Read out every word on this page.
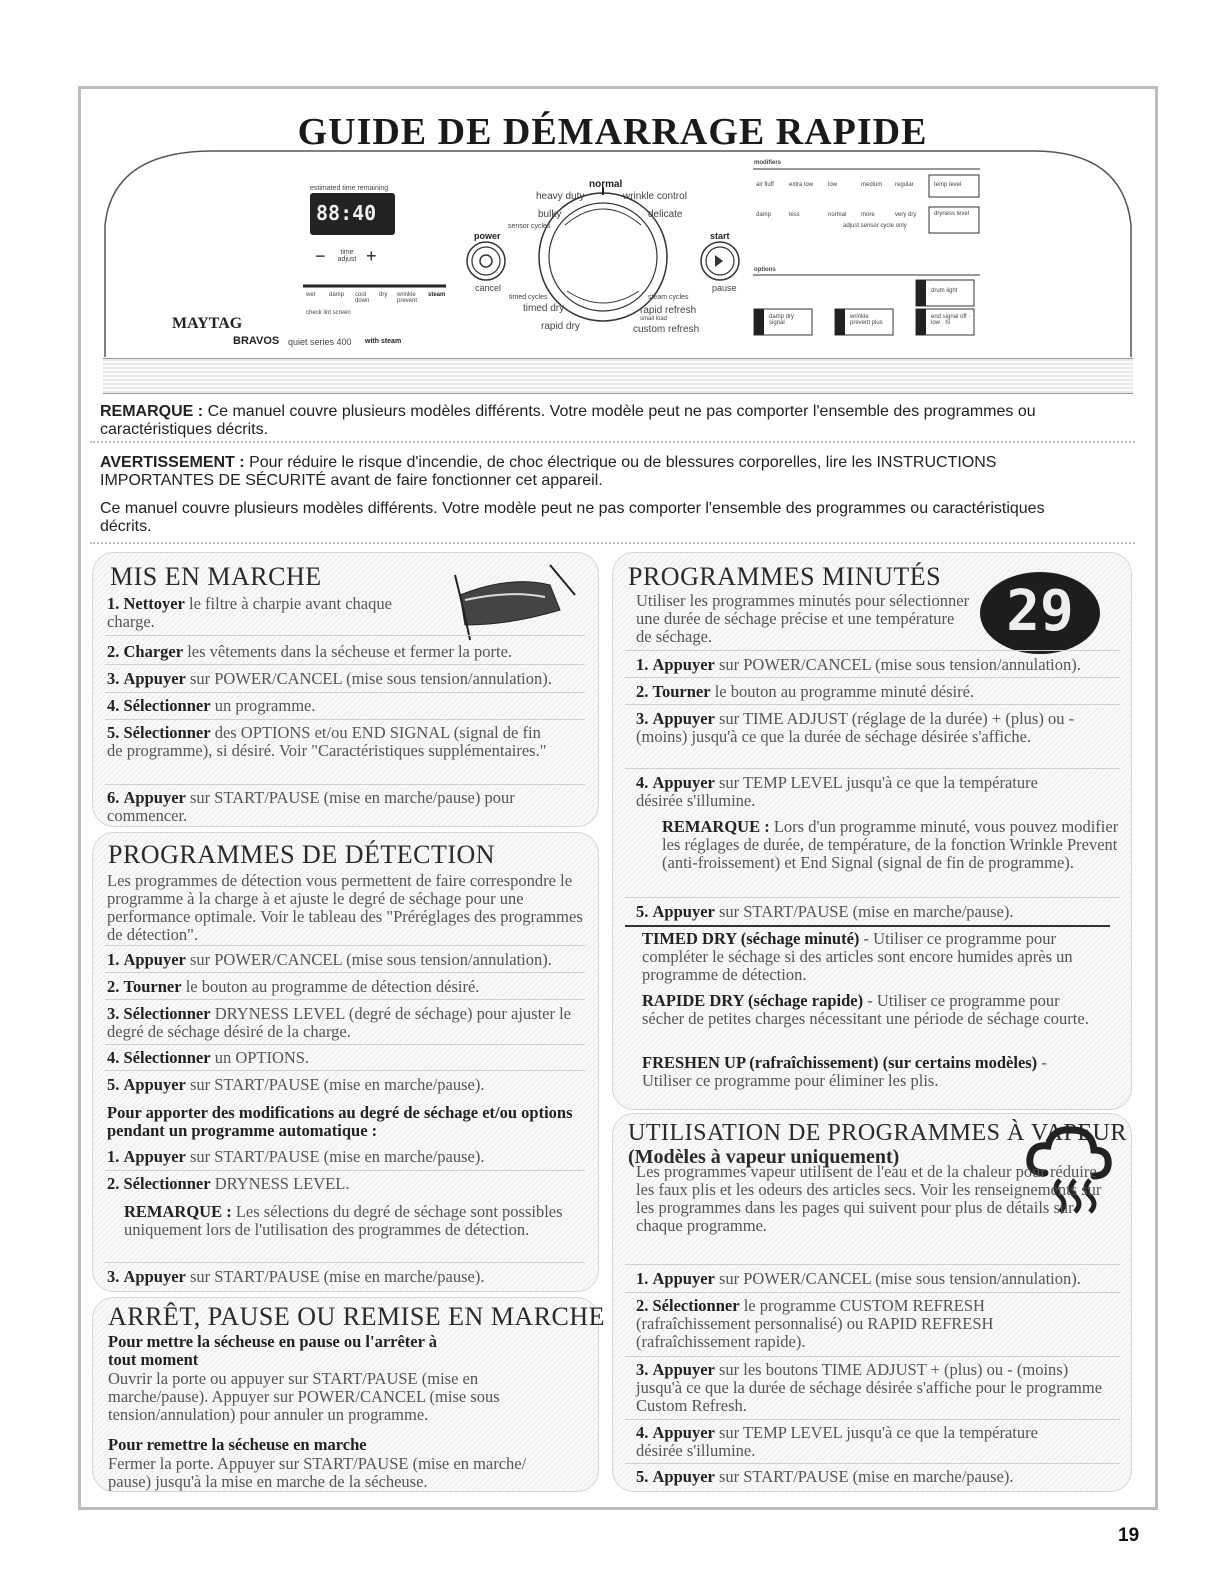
GUIDE DE DÉMARRAGE RAPIDE
estimated time remaining
88:40
−	time adjust +
wet damp cool down
dry wrinkle prevent
steam
check lint screen
MAYTAG
BRAVOS quiet series 400 with steam
power
cancel
start
pause
normal
heavy duty
bulky
sensor cycles
wrinkle control
delicate
timed cycles
timed dry
rapid dry
steam cycles
rapid refresh
small load
custom refresh
modifiers
air fluff	extra low low	medium regular	temp level
damp	less	normal more	very dry	dryness level
adjust sensor cycle only
options
drum light
damp dry signal
wrinkle prevent plus
end signal off · low · hi

REMARQUE : Ce manuel couvre plusieurs modèles différents. Votre modèle peut ne pas comporter l'ensemble des programmes ou caractéristiques décrits.

AVERTISSEMENT : Pour réduire le risque d'incendie, de choc électrique ou de blessures corporelles, lire les INSTRUCTIONS IMPORTANTES DE SÉCURITÉ avant de faire fonctionner cet appareil.

Ce manuel couvre plusieurs modèles différents. Votre modèle peut ne pas comporter l'ensemble des programmes ou caractéristiques décrits.

MIS EN MARCHE
1. Nettoyer le filtre à charpie avant chaque charge.
2. Charger les vêtements dans la sécheuse et fermer la porte.
3. Appuyer sur POWER/CANCEL (mise sous tension/annulation).
4. Sélectionner un programme.
5. Sélectionner des OPTIONS et/ou END SIGNAL (signal de fin de programme), si désiré. Voir "Caractéristiques supplémentaires."
6. Appuyer sur START/PAUSE (mise en marche/pause) pour commencer.
PROGRAMMES DE DÉTECTION
Les programmes de détection vous permettent de faire correspondre le programme à la charge à et ajuste le degré de séchage pour une performance optimale. Voir le tableau des "Préréglages des programmes de détection".
1. Appuyer sur POWER/CANCEL (mise sous tension/annulation).
2. Tourner le bouton au programme de détection désiré.
3. Sélectionner DRYNESS LEVEL (degré de séchage) pour ajuster le degré de séchage désiré de la charge.
4. Sélectionner un OPTIONS.
5. Appuyer sur START/PAUSE (mise en marche/pause).
Pour apporter des modifications au degré de séchage et/ou options pendant un programme automatique :
1. Appuyer sur START/PAUSE (mise en marche/pause).
2. Sélectionner DRYNESS LEVEL.
REMARQUE : Les sélections du degré de séchage sont possibles uniquement lors de l'utilisation des programmes de détection.
3. Appuyer sur START/PAUSE (mise en marche/pause).
ARRÊT, PAUSE OU REMISE EN MARCHE
Pour mettre la sécheuse en pause ou l'arrêter à tout moment
Ouvrir la porte ou appuyer sur START/PAUSE (mise en marche/pause). Appuyer sur POWER/CANCEL (mise sous tension/annulation) pour annuler un programme.
Pour remettre la sécheuse en marche
Fermer la porte. Appuyer sur START/PAUSE (mise en marche/ pause) jusqu'à la mise en marche de la sécheuse.
PROGRAMMES MINUTÉS
29
Utiliser les programmes minutés pour sélectionner une durée de séchage précise et une température de séchage.
1. Appuyer sur POWER/CANCEL (mise sous tension/annulation).
2. Tourner le bouton au programme minuté désiré.
3. Appuyer sur TIME ADJUST (réglage de la durée) + (plus) ou - (moins) jusqu'à ce que la durée de séchage désirée s'affiche.
4. Appuyer sur TEMP LEVEL jusqu'à ce que la température désirée s'illumine.
REMARQUE : Lors d'un programme minuté, vous pouvez modifier les réglages de durée, de température, de la fonction Wrinkle Prevent (anti-froissement) et End Signal (signal de fin de programme).
5. Appuyer sur START/PAUSE (mise en marche/pause).
TIMED DRY (séchage minuté) - Utiliser ce programme pour compléter le séchage si des articles sont encore humides après un programme de détection.
RAPIDE DRY (séchage rapide) - Utiliser ce programme pour sécher de petites charges nécessitant une période de séchage courte.
FRESHEN UP (rafraîchissement) (sur certains modèles) - Utiliser ce programme pour éliminer les plis.
UTILISATION DE PROGRAMMES À VAPEUR
(Modèles à vapeur uniquement)
Les programmes vapeur utilisent de l'eau et de la chaleur pour réduire les faux plis et les odeurs des articles secs. Voir les renseignements sur les programmes dans les pages qui suivent pour plus de détails sur chaque programme.
1. Appuyer sur POWER/CANCEL (mise sous tension/annulation).
2. Sélectionner le programme CUSTOM REFRESH (rafraîchissement personnalisé) ou RAPID REFRESH (rafraîchissement rapide).
3. Appuyer sur les boutons TIME ADJUST + (plus) ou - (moins) jusqu'à ce que la durée de séchage désirée s'affiche pour le programme Custom Refresh.
4. Appuyer sur TEMP LEVEL jusqu'à ce que la température désirée s'illumine.
5. Appuyer sur START/PAUSE (mise en marche/pause).
19
